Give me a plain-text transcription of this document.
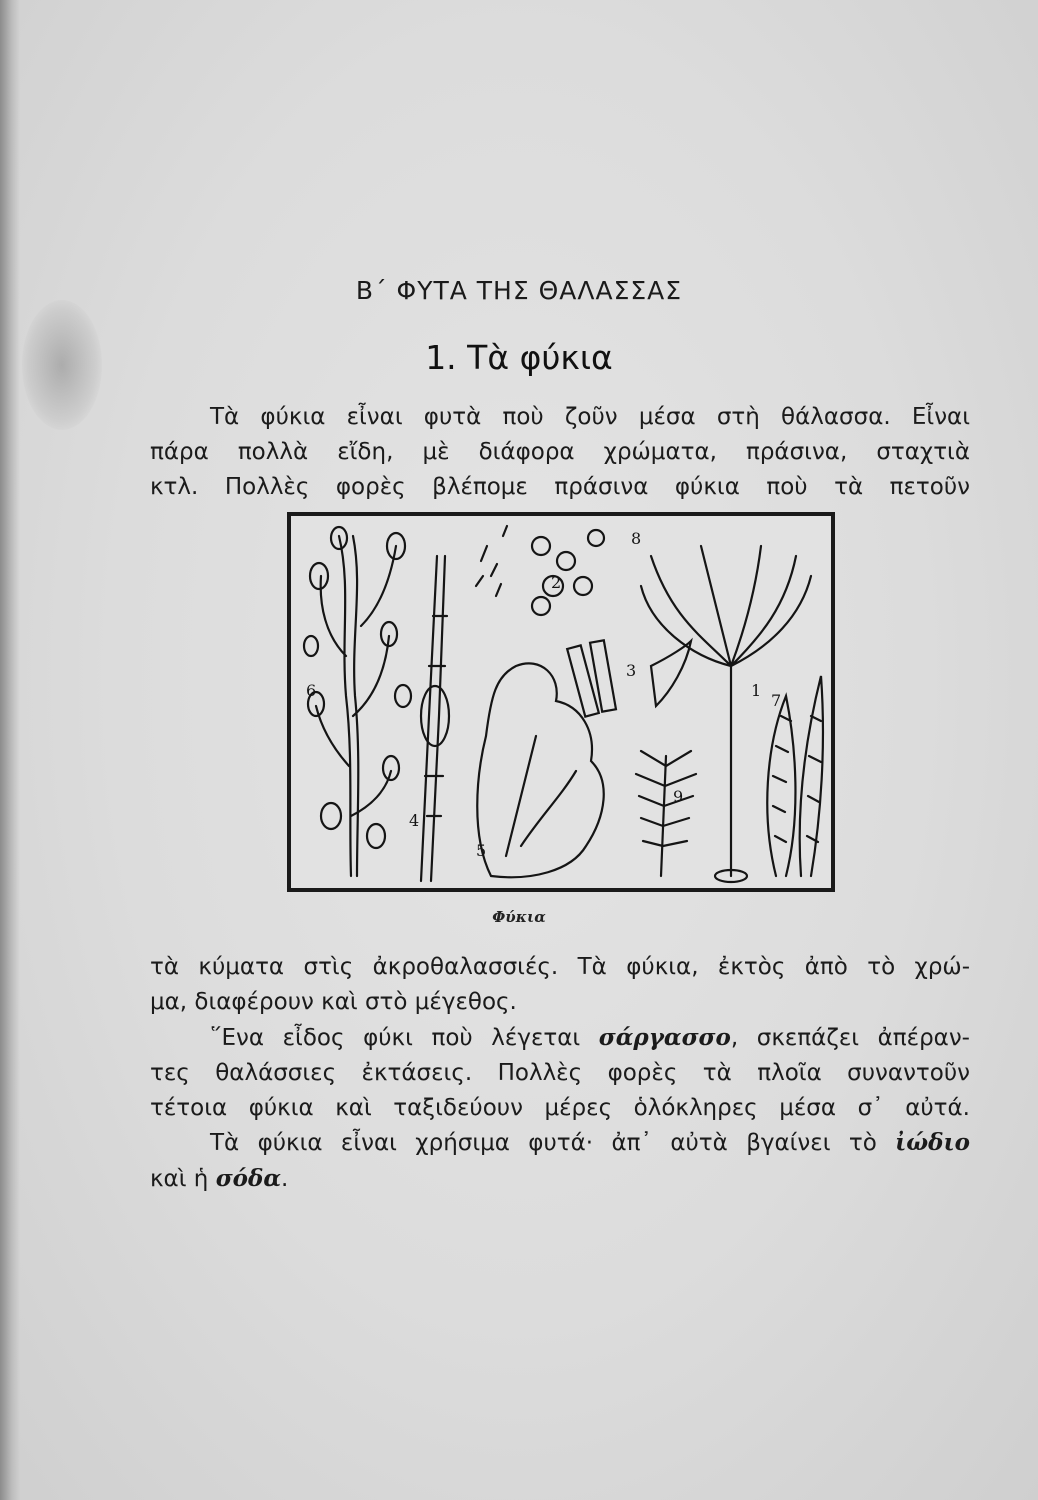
Β΄ ΦΥΤΑ ΤΗΣ ΘΑΛΑΣΣΑΣ
1. Τὰ φύκια
Τὰ φύκια εἶναι φυτὰ ποὺ ζοῦν μέσα στὴ θάλασσα. Εἶναι
πάρα πολλὰ εἴδη, μὲ διάφορα χρώματα, πράσινα, σταχτιὰ
κτλ. Πολλὲς φορὲς βλέπομε πράσινα φύκια ποὺ τὰ πετοῦν
1
2
3
4
5
6
7
8
9
Φύκια
τὰ κύματα στὶς ἀκροθαλασσιές. Τὰ φύκια, ἐκτὸς ἀπὸ τὸ χρώ-
μα, διαφέρουν καὶ στὸ μέγεθος.
῞Ενα εἶδος φύκι ποὺ λέγεται σάργασσο, σκεπάζει ἀπέραν-
τες θαλάσσιες ἐκτάσεις. Πολλὲς φορὲς τὰ πλοῖα συναντοῦν
τέτοια φύκια καὶ ταξιδεύουν μέρες ὁλόκληρες μέσα σ᾿ αὐτά.
Τὰ φύκια εἶναι χρήσιμα φυτά· ἀπ᾿ αὐτὰ βγαίνει τὸ ἰώδιο
καὶ ἡ σόδα.
